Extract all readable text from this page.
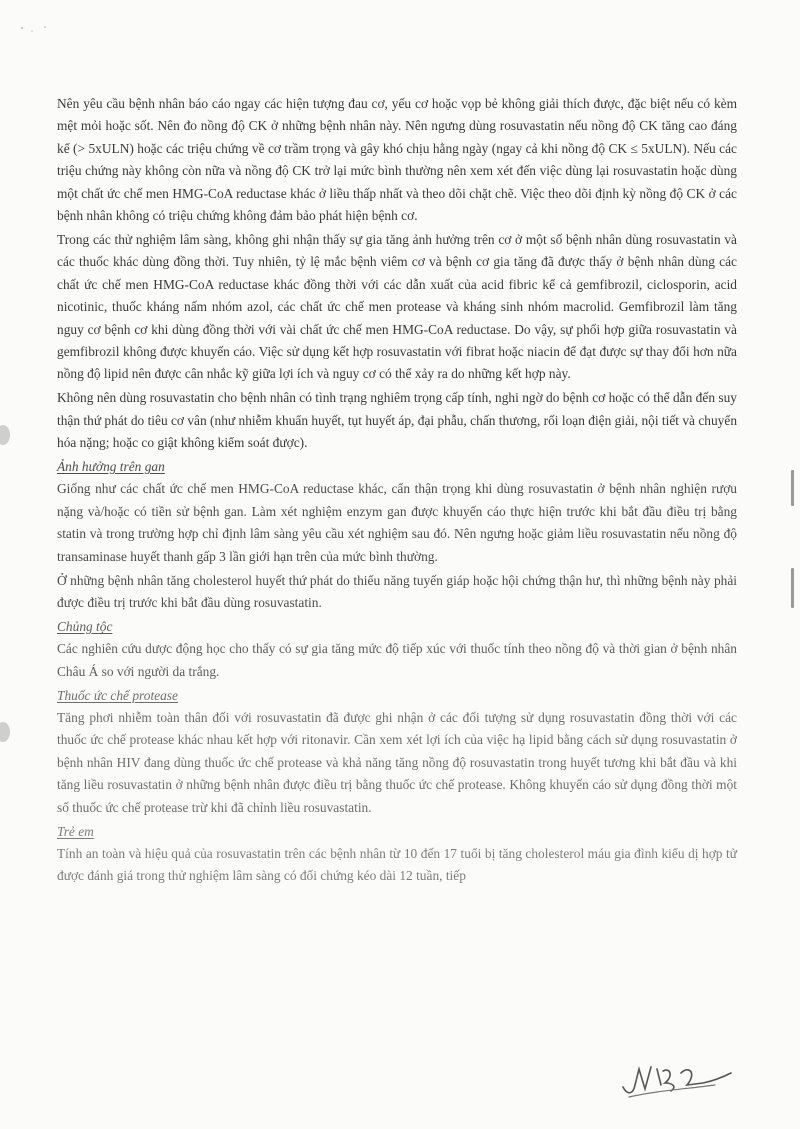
Nên yêu cầu bệnh nhân báo cáo ngay các hiện tượng đau cơ, yếu cơ hoặc vọp bẻ không giải thích được, đặc biệt nếu có kèm mệt mỏi hoặc sốt. Nên đo nồng độ CK ở những bệnh nhân này. Nên ngưng dùng rosuvastatin nếu nồng độ CK tăng cao đáng kể (> 5xULN) hoặc các triệu chứng về cơ trầm trọng và gây khó chịu hằng ngày (ngay cả khi nồng độ CK ≤ 5xULN). Nếu các triệu chứng này không còn nữa và nồng độ CK trở lại mức bình thường nên xem xét đến việc dùng lại rosuvastatin hoặc dùng một chất ức chế men HMG-CoA reductase khác ở liều thấp nhất và theo dõi chặt chẽ. Việc theo dõi định kỳ nồng độ CK ở các bệnh nhân không có triệu chứng không đảm bảo phát hiện bệnh cơ.

Trong các thử nghiệm lâm sàng, không ghi nhận thấy sự gia tăng ảnh hưởng trên cơ ở một số bệnh nhân dùng rosuvastatin và các thuốc khác dùng đồng thời. Tuy nhiên, tỷ lệ mắc bệnh viêm cơ và bệnh cơ gia tăng đã được thấy ở bệnh nhân dùng các chất ức chế men HMG-CoA reductase khác đồng thời với các dẫn xuất của acid fibric kể cả gemfibrozil, ciclosporin, acid nicotinic, thuốc kháng nấm nhóm azol, các chất ức chế men protease và kháng sinh nhóm macrolid. Gemfibrozil làm tăng nguy cơ bệnh cơ khi dùng đồng thời với vài chất ức chế men HMG-CoA reductase. Do vậy, sự phối hợp giữa rosuvastatin và gemfibrozil không được khuyến cáo. Việc sử dụng kết hợp rosuvastatin với fibrat hoặc niacin để đạt được sự thay đổi hơn nữa nồng độ lipid nên được cân nhắc kỹ giữa lợi ích và nguy cơ có thể xảy ra do những kết hợp này.

Không nên dùng rosuvastatin cho bệnh nhân có tình trạng nghiêm trọng cấp tính, nghi ngờ do bệnh cơ hoặc có thể dẫn đến suy thận thứ phát do tiêu cơ vân (như nhiễm khuẩn huyết, tụt huyết áp, đại phẫu, chấn thương, rối loạn điện giải, nội tiết và chuyển hóa nặng; hoặc co giật không kiểm soát được).

Ảnh hưởng trên gan

Giống như các chất ức chế men HMG-CoA reductase khác, cẩn thận trọng khi dùng rosuvastatin ở bệnh nhân nghiện rượu nặng và/hoặc có tiền sử bệnh gan. Làm xét nghiệm enzym gan được khuyến cáo thực hiện trước khi bắt đầu điều trị bằng statin và trong trường hợp chỉ định lâm sàng yêu cầu xét nghiệm sau đó. Nên ngưng hoặc giảm liều rosuvastatin nếu nồng độ transaminase huyết thanh gấp 3 lần giới hạn trên của mức bình thường.

Ở những bệnh nhân tăng cholesterol huyết thứ phát do thiểu năng tuyến giáp hoặc hội chứng thận hư, thì những bệnh này phải được điều trị trước khi bắt đầu dùng rosuvastatin.

Chủng tộc

Các nghiên cứu dược động học cho thấy có sự gia tăng mức độ tiếp xúc với thuốc tính theo nồng độ và thời gian ở bệnh nhân Châu Á so với người da trắng.

Thuốc ức chế protease

Tăng phơi nhiễm toàn thân đối với rosuvastatin đã được ghi nhận ở các đối tượng sử dụng rosuvastatin đồng thời với các thuốc ức chế protease khác nhau kết hợp với ritonavir. Cần xem xét lợi ích của việc hạ lipid bằng cách sử dụng rosuvastatin ở bệnh nhân HIV đang dùng thuốc ức chế protease và khả năng tăng nồng độ rosuvastatin trong huyết tương khi bắt đầu và khi tăng liều rosuvastatin ở những bệnh nhân được điều trị bằng thuốc ức chế protease. Không khuyến cáo sử dụng đồng thời một số thuốc ức chế protease trừ khi đã chỉnh liều rosuvastatin.

Trẻ em

Tính an toàn và hiệu quả của rosuvastatin trên các bệnh nhân từ 10 đến 17 tuổi bị tăng cholesterol máu gia đình kiểu dị hợp tử được đánh giá trong thử nghiệm lâm sàng có đối chứng kéo dài 12 tuần, tiếp
